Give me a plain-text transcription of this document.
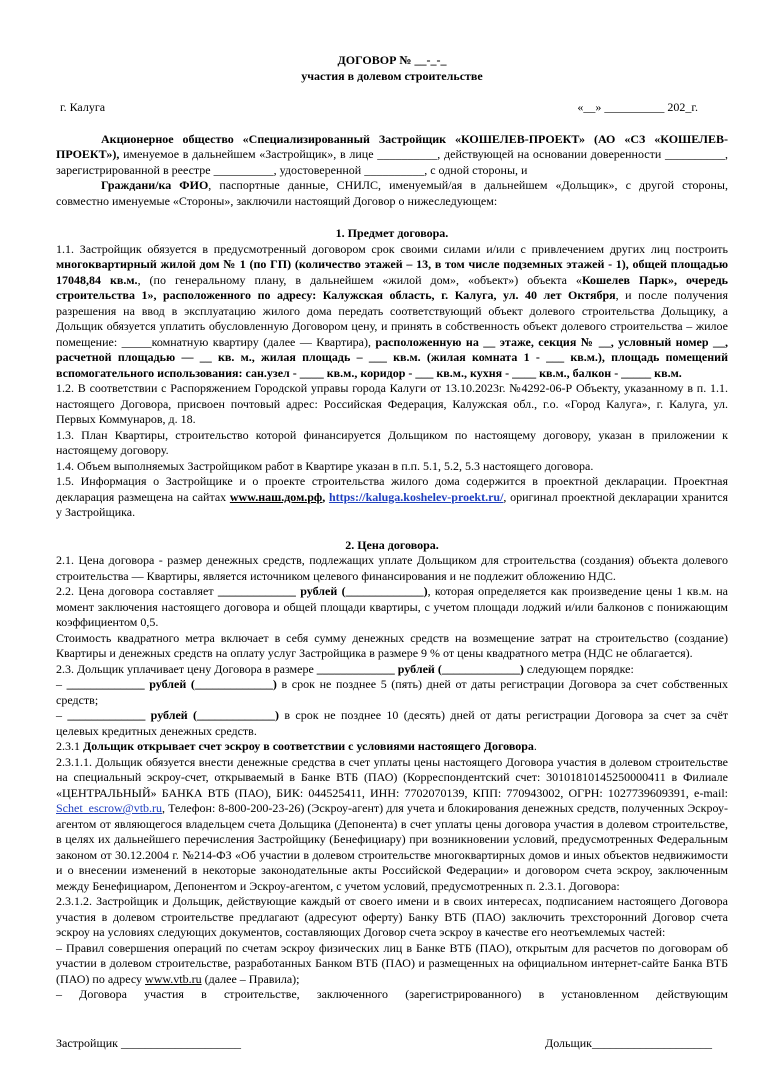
ДОГОВОР № __-_-_

участия в долевом строительстве

г. Калуга	«__» __________ 202_г.

Акционерное общество «Специализированный Застройщик «КОШЕЛЕВ-ПРОЕКТ» (АО «СЗ «КОШЕЛЕВ-ПРОЕКТ»), именуемое в дальнейшем «Застройщик», в лице __________, действующей на основании доверенности __________, зарегистрированной в реестре __________, удостоверенной __________, с одной стороны, и

Граждани/ка ФИО, паспортные данные, СНИЛС, именуемый/ая в дальнейшем «Дольщик», с другой стороны, совместно именуемые «Стороны», заключили настоящий Договор о нижеследующем:

1. Предмет договора.

1.1. Застройщик обязуется в предусмотренный договором срок своими силами и/или с привлечением других лиц построить многоквартирный жилой дом № 1 (по ГП) (количество этажей – 13, в том числе подземных этажей - 1), общей площадью 17048,84 кв.м., (по генеральному плану, в дальнейшем «жилой дом», «объект») объекта «Кошелев Парк», очередь строительства 1», расположенного по адресу: Калужская область, г. Калуга, ул. 40 лет Октября, и после получения разрешения на ввод в эксплуатацию жилого дома передать соответствующий объект долевого строительства Дольщику, а Дольщик обязуется уплатить обусловленную Договором цену, и принять в собственность объект долевого строительства – жилое помещение: _____комнатную квартиру (далее — Квартира), расположенную на __ этаже, секция № __, условный номер __, расчетной площадью — __ кв. м., жилая площадь – ___ кв.м. (жилая комната 1 - ___ кв.м.), площадь помещений вспомогательного использования: сан.узел - ____ кв.м., коридор - ___ кв.м., кухня - ____ кв.м., балкон - _____ кв.м.

1.2. В соответствии с Распоряжением Городской управы города Калуги от 13.10.2023г. №4292-06-Р Объекту, указанному в п. 1.1. настоящего Договора, присвоен почтовый адрес: Российская Федерация, Калужская обл., г.о. «Город Калуга», г. Калуга, ул. Первых Коммунаров, д. 18.

1.3. План Квартиры, строительство которой финансируется Дольщиком по настоящему договору, указан в приложении к настоящему договору.

1.4. Объем выполняемых Застройщиком работ в Квартире указан в п.п. 5.1, 5.2, 5.3 настоящего договора.

1.5. Информация о Застройщике и о проекте строительства жилого дома содержится в проектной декларации. Проектная декларация размещена на сайтах www.наш.дом.рф, https://kaluga.koshelev-proekt.ru/, оригинал проектной декларации хранится у Застройщика.

2. Цена договора.

2.1. Цена договора - размер денежных средств, подлежащих уплате Дольщиком для строительства (создания) объекта долевого строительства — Квартиры, является источником целевого финансирования и не подлежит обложению НДС.

2.2. Цена договора составляет _____________ рублей (_____________), которая определяется как произведение цены 1 кв.м. на момент заключения настоящего договора и общей площади квартиры, с учетом площади лоджий и/или балконов с понижающим коэффициентом 0,5.

Стоимость квадратного метра включает в себя сумму денежных средств на возмещение затрат на строительство (создание) Квартиры и денежных средств на оплату услуг Застройщика в размере 9 % от цены квадратного метра (НДС не облагается).

2.3. Дольщик уплачивает цену Договора в размере _____________ рублей (_____________) следующем порядке:

– _____________ рублей (_____________) в срок не позднее 5 (пять) дней от даты регистрации Договора за счет собственных средств;

– _____________ рублей (_____________) в срок не позднее 10 (десять) дней от даты регистрации Договора за счет за счёт целевых кредитных денежных средств.

2.3.1 Дольщик открывает счет эскроу в соответствии с условиями настоящего Договора.

2.3.1.1. Дольщик обязуется внести денежные средства в счет уплаты цены настоящего Договора участия в долевом строительстве на специальный эскроу-счет, открываемый в Банке ВТБ (ПАО) (Корреспондентский счет: 30101810145250000411 в Филиале «ЦЕНТРАЛЬНЫЙ» БАНКА ВТБ (ПАО), БИК: 044525411, ИНН: 7702070139, КПП: 770943002, ОГРН: 1027739609391, e-mail: Schet_escrow@vtb.ru, Телефон: 8-800-200-23-26) (Эскроу-агент) для учета и блокирования денежных средств, полученных Эскроу-агентом от являющегося владельцем счета Дольщика (Депонента) в счет уплаты цены договора участия в долевом строительстве, в целях их дальнейшего перечисления Застройщику (Бенефициару) при возникновении условий, предусмотренных Федеральным законом от 30.12.2004 г. №214-ФЗ «Об участии в долевом строительстве многоквартирных домов и иных объектов недвижимости и о внесении изменений в некоторые законодательные акты Российской Федерации» и договором счета эскроу, заключенным между Бенефициаром, Депонентом и Эскроу-агентом, с учетом условий, предусмотренных п. 2.3.1. Договора:

2.3.1.2. Застройщик и Дольщик, действующие каждый от своего имени и в своих интересах, подписанием настоящего Договора участия в долевом строительстве предлагают (адресуют оферту) Банку ВТБ (ПАО) заключить трехсторонний Договор счета эскроу на условиях следующих документов, составляющих Договор счета эскроу в качестве его неотъемлемых частей:

– Правил совершения операций по счетам эскроу физических лиц в Банке ВТБ (ПАО), открытым для расчетов по договорам об участии в долевом строительстве, разработанных Банком ВТБ (ПАО) и размещенных на официальном интернет-сайте Банка ВТБ (ПАО) по адресу www.vtb.ru (далее – Правила);

– Договора участия в строительстве, заключенного (зарегистрированного) в установленном действующим

Застройщик ____________________	Дольщик____________________
